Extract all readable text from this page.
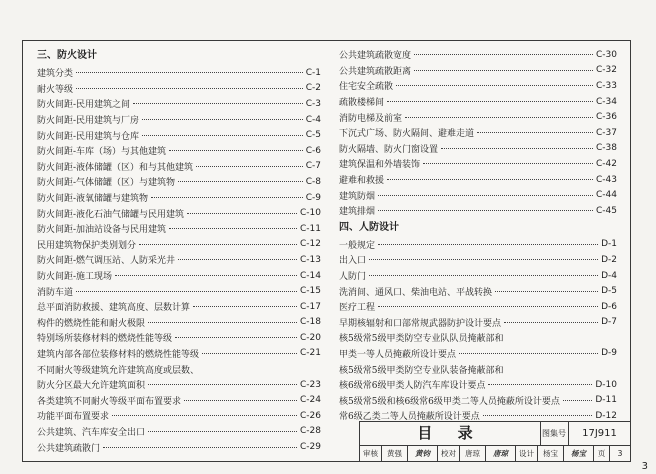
三、防火设计
建筑分类	C-1
耐火等级	C-2
防火间距-民用建筑之间	C-3
防火间距-民用建筑与厂房	C-4
防火间距-民用建筑与仓库	C-5
防火间距-车库（场）与其他建筑	C-6
防火间距-液体储罐（区）和与其他建筑	C-7
防火间距-气体储罐（区）与建筑物	C-8
防火间距-液氧储罐与建筑物	C-9
防火间距-液化石油气储罐与民用建筑	C-10
防火间距-加油站设备与民用建筑	C-11
民用建筑物保护类别划分	C-12
防火间距-燃气调压站、人防采光井	C-13
防火间距-施工现场	C-14
消防车道	C-15
总平面消防救援、建筑高度、层数计算	C-17
构件的燃烧性能和耐火极限	C-18
特别场所装修材料的燃烧性能等级	C-20
建筑内部各部位装修材料的燃烧性能等级	C-21
不同耐火等级建筑允许建筑高度或层数、
防火分区最大允许建筑面积	C-23
各类建筑不同耐火等级平面布置要求	C-24
功能平面布置要求	C-26
公共建筑、汽车库安全出口	C-28
公共建筑疏散门	C-29
公共建筑疏散宽度	C-30
公共建筑疏散距离	C-32
住宅安全疏散	C-33
疏散楼梯间	C-34
消防电梯及前室	C-36
下沉式广场、防火隔间、避难走道	C-37
防火隔墙、防火门窗设置	C-38
建筑保温和外墙装饰	C-42
避难和救援	C-43
建筑防烟	C-44
建筑排烟	C-45
四、人防设计
一般规定	D-1
出入口	D-2
人防门	D-4
洗消间、通风口、柴油电站、平战转换	D-5
医疗工程	D-6
早期核辐射和口部常规武器防护设计要点	D-7
核5级常5级甲类防空专业队队员掩蔽部和
甲类一等人员掩蔽所设计要点	D-9
核5级常5级甲类防空专业队装备掩蔽部和
核6级常6级甲类人防汽车库设计要点	D-10
核5级常5级和核6级常6级甲类二等人员掩蔽所设计要点	D-11
常6级乙类二等人员掩蔽所设计要点	D-12
目 录	图集号	17J911
审核	黄强	黄钧	校对	唐琼	唐琼	设计	杨宝	杨宝	页	3
3
